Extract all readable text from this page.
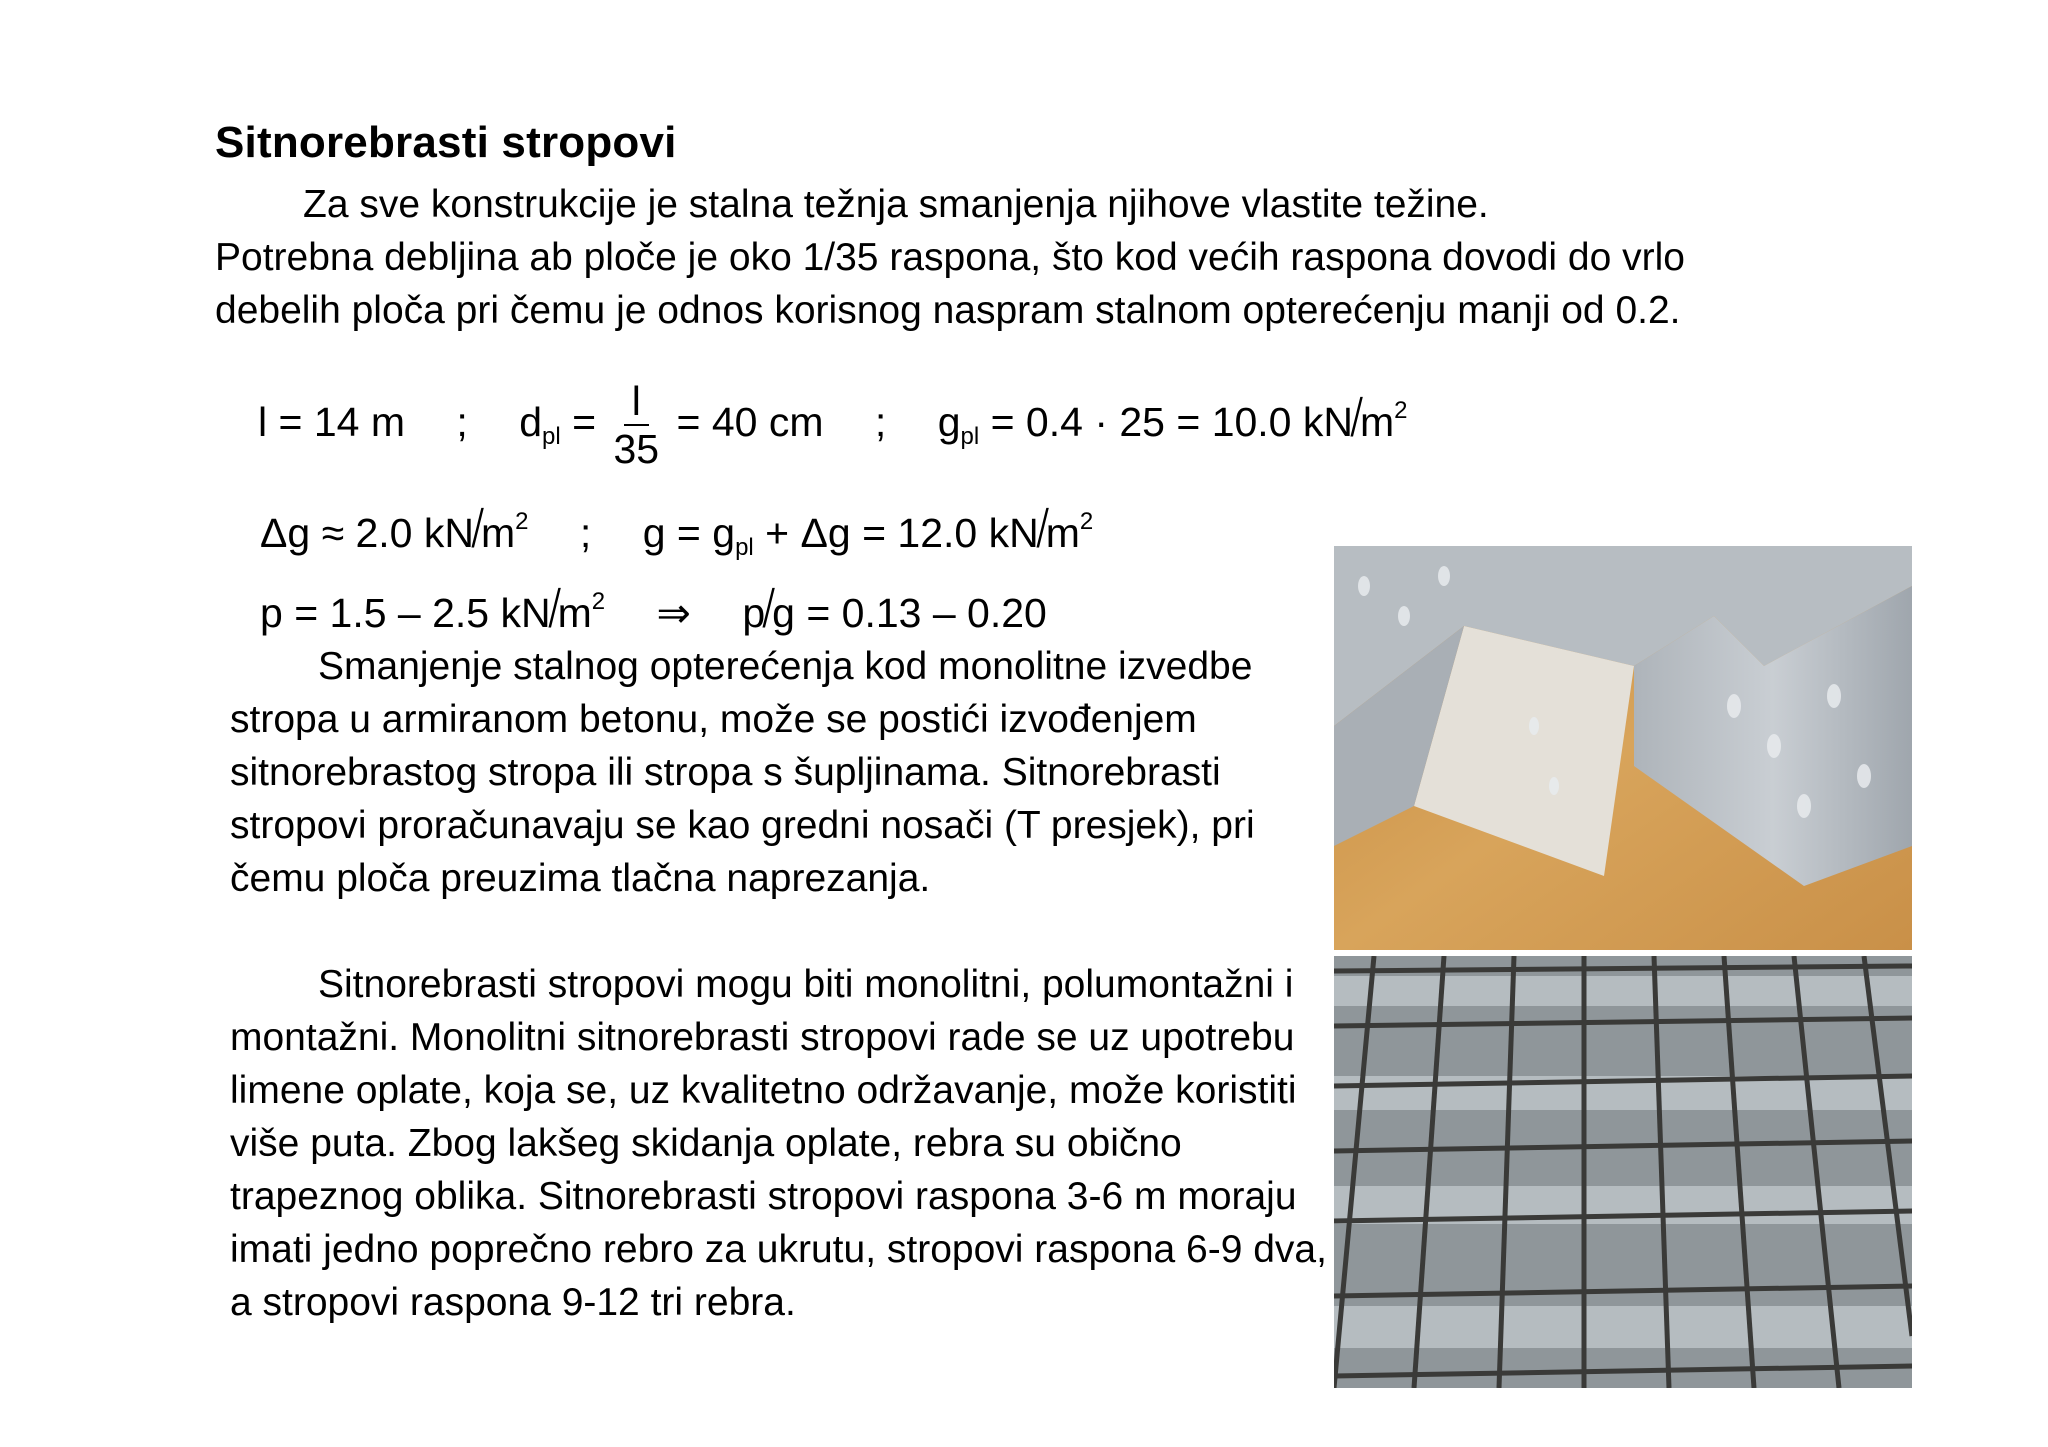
Sitnorebrasti stropovi

Za sve konstrukcije je stalna težnja smanjenja njihove vlastite težine.

Potrebna debljina ab ploče je oko 1/35 raspona, što kod većih raspona dovodi do vrlo debelih ploča pri čemu je odnos korisnog naspram stalnom opterećenju manji od 0.2.

l = 14 m ; $d_{pl} = \frac{l}{35} = 40$ cm ; $g_{pl} = 0.4 \cdot 25 = 10.0$ $kN/m^2$
Δg ≈ 2.0 $kN/m^2$ ; $g = g_{pl} + \Delta g = 12.0$ $kN/m^2$
p = 1.5 – 2.5 $kN/m^2$ ⇒ p/g = 0.13 – 0.20

Smanjenje stalnog opterećenja kod monolitne izvedbe stropa u armiranom betonu, može se postići izvođenjem sitnorebrastog stropa ili stropa s šupljinama. Sitnorebrasti stropovi proračunavaju se kao gredni nosači (T presjek), pri čemu ploča preuzima tlačna naprezanja.

Sitnorebrasti stropovi mogu biti monolitni, polumontažni i montažni. Monolitni sitnorebrasti stropovi rade se uz upotrebu limene oplate, koja se, uz kvalitetno održavanje, može koristiti više puta. Zbog lakšeg skidanja oplate, rebra su obično trapeznog oblika. Sitnorebrasti stropovi raspona 3-6 m moraju imati jedno poprečno rebro za ukrutu, stropovi raspona 6-9 dva, a stropovi raspona 9-12 tri rebra.
